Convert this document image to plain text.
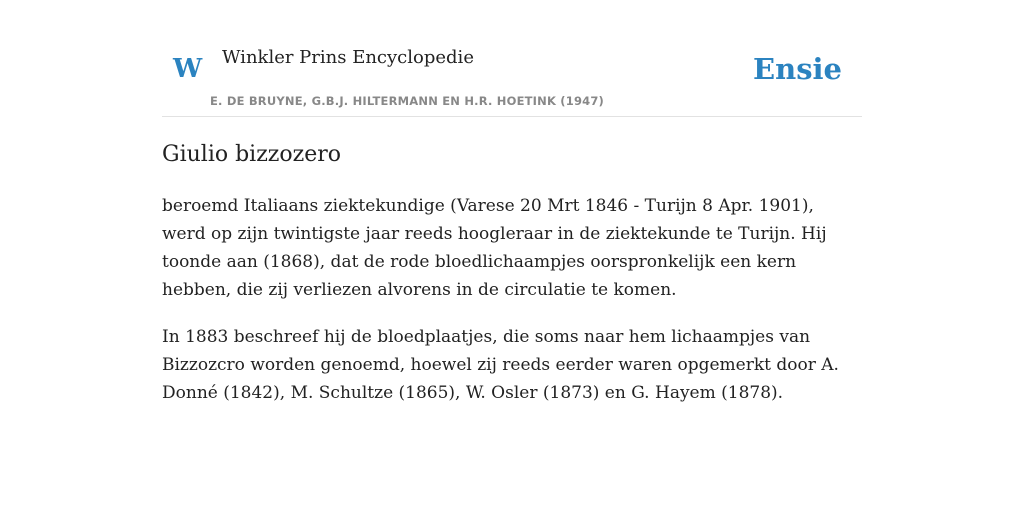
W Winkler Prins Encyclopedie
E. DE BRUYNE, G.B.J. HILTERMANN EN H.R. HOETINK (1947)
Ensie
Giulio bizzozero

beroemd Italiaans ziektekundige (Varese 20 Mrt 1846 - Turijn 8 Apr. 1901), werd op zijn twintigste jaar reeds hoogleraar in de ziektekunde te Turijn. Hij toonde aan (1868), dat de rode bloedlichaampjes oorspronkelijk een kern hebben, die zij verliezen alvorens in de circulatie te komen.

In 1883 beschreef hij de bloedplaatjes, die soms naar hem lichaampjes van Bizzozcro worden genoemd, hoewel zij reeds eerder waren opgemerkt door A. Donné (1842), M. Schultze (1865), W. Osler (1873) en G. Hayem (1878).
